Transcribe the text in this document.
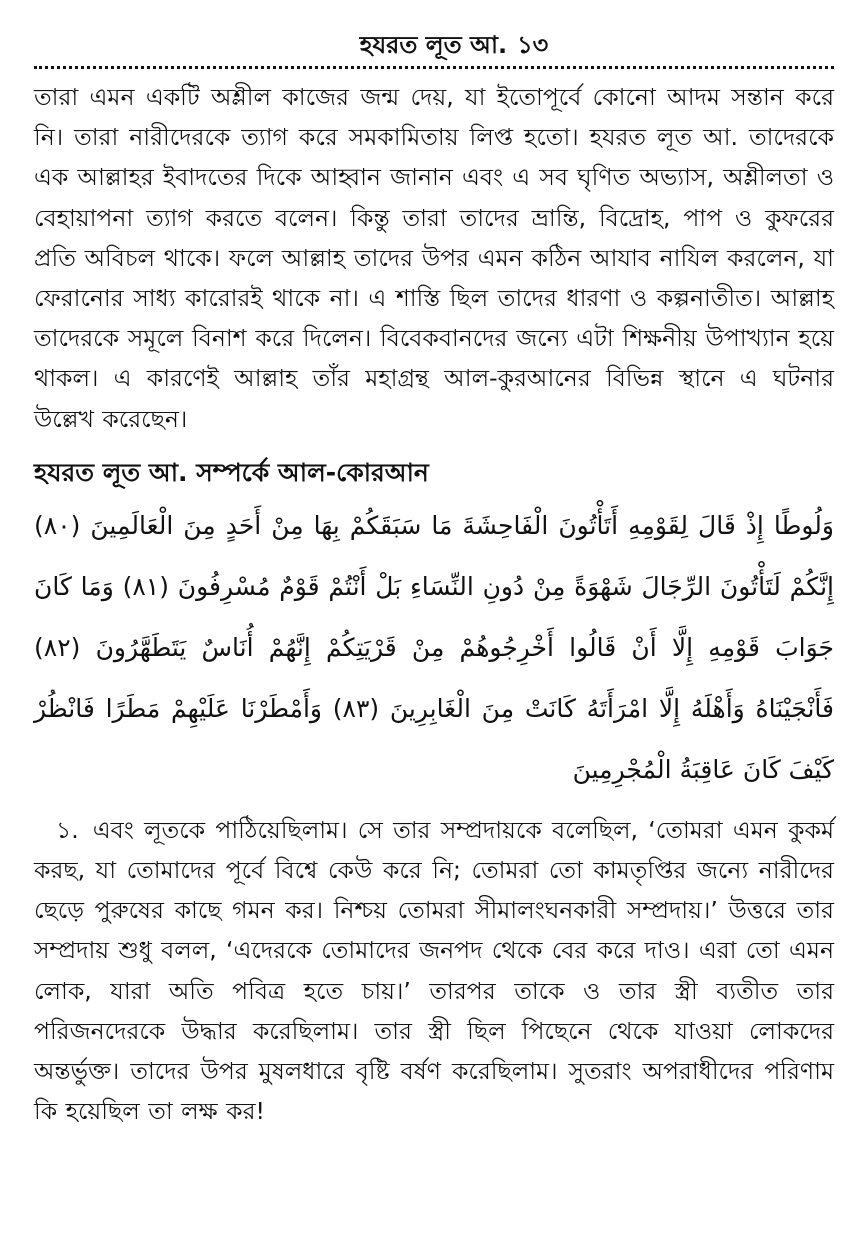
হযরত লূত আ. ১৩

তারা এমন একটি অশ্লীল কাজের জন্ম দেয়, যা ইতোপূর্বে কোনো আদম সন্তান করে নি। তারা নারীদেরকে ত্যাগ করে সমকামিতায় লিপ্ত হতো। হযরত লূত আ. তাদেরকে এক আল্লাহর ইবাদতের দিকে আহ্বান জানান এবং এ সব ঘৃণিত অভ্যাস, অশ্লীলতা ও বেহায়াপনা ত্যাগ করতে বলেন। কিন্তু তারা তাদের ভ্রান্তি, বিদ্রোহ, পাপ ও কুফরের প্রতি অবিচল থাকে। ফলে আল্লাহ তাদের উপর এমন কঠিন আযাব নাযিল করলেন, যা ফেরানোর সাধ্য কারোরই থাকে না। এ শাস্তি ছিল তাদের ধারণা ও কল্পনাতীত। আল্লাহ তাদেরকে সমূলে বিনাশ করে দিলেন। বিবেকবানদের জন্যে এটা শিক্ষনীয় উপাখ্যান হয়ে থাকল। এ কারণেই আল্লাহ তাঁর মহাগ্রন্থ আল-কুরআনের বিভিন্ন স্থানে এ ঘটনার উল্লেখ করেছেন।

হযরত লূত আ. সম্পর্কে আল-কোরআন

وَلُوطًا إِذْ قَالَ لِقَوْمِهِ أَتَأْتُونَ الْفَاحِشَةَ مَا سَبَقَكُمْ بِهَا مِنْ أَحَدٍ مِنَ الْعَالَمِينَ (٨٠) إِنَّكُمْ لَتَأْتُونَ الرِّجَالَ شَهْوَةً مِنْ دُونِ النِّسَاءِ بَلْ أَنْتُمْ قَوْمٌ مُسْرِفُونَ (٨١) وَمَا كَانَ جَوَابَ قَوْمِهِ إِلَّا أَنْ قَالُوا أَخْرِجُوهُمْ مِنْ قَرْيَتِكُمْ إِنَّهُمْ أُنَاسٌ يَتَطَهَّرُونَ (٨٢) فَأَنْجَيْنَاهُ وَأَهْلَهُ إِلَّا امْرَأَتَهُ كَانَتْ مِنَ الْغَابِرِينَ (٨٣) وَأَمْطَرْنَا عَلَيْهِمْ مَطَرًا فَانْظُرْ كَيْفَ كَانَ عَاقِبَةُ الْمُجْرِمِينَ

১. এবং লূতকে পাঠিয়েছিলাম। সে তার সম্প্রদায়কে বলেছিল, ‘তোমরা এমন কুকর্ম করছ, যা তোমাদের পূর্বে বিশ্বে কেউ করে নি; তোমরা তো কামতৃপ্তির জন্যে নারীদের ছেড়ে পুরুষের কাছে গমন কর। নিশ্চয় তোমরা সীমালংঘনকারী সম্প্রদায়।’ উত্তরে তার সম্প্রদায় শুধু বলল, ‘এদেরকে তোমাদের জনপদ থেকে বের করে দাও। এরা তো এমন লোক, যারা অতি পবিত্র হতে চায়।’ তারপর তাকে ও তার স্ত্রী ব্যতীত তার পরিজনদেরকে উদ্ধার করেছিলাম। তার স্ত্রী ছিল পিছেনে থেকে যাওয়া লোকদের অন্তর্ভুক্ত। তাদের উপর মুষলধারে বৃষ্টি বর্ষণ করেছিলাম। সুতরাং অপরাধীদের পরিণাম কি হয়েছিল তা লক্ষ কর!
